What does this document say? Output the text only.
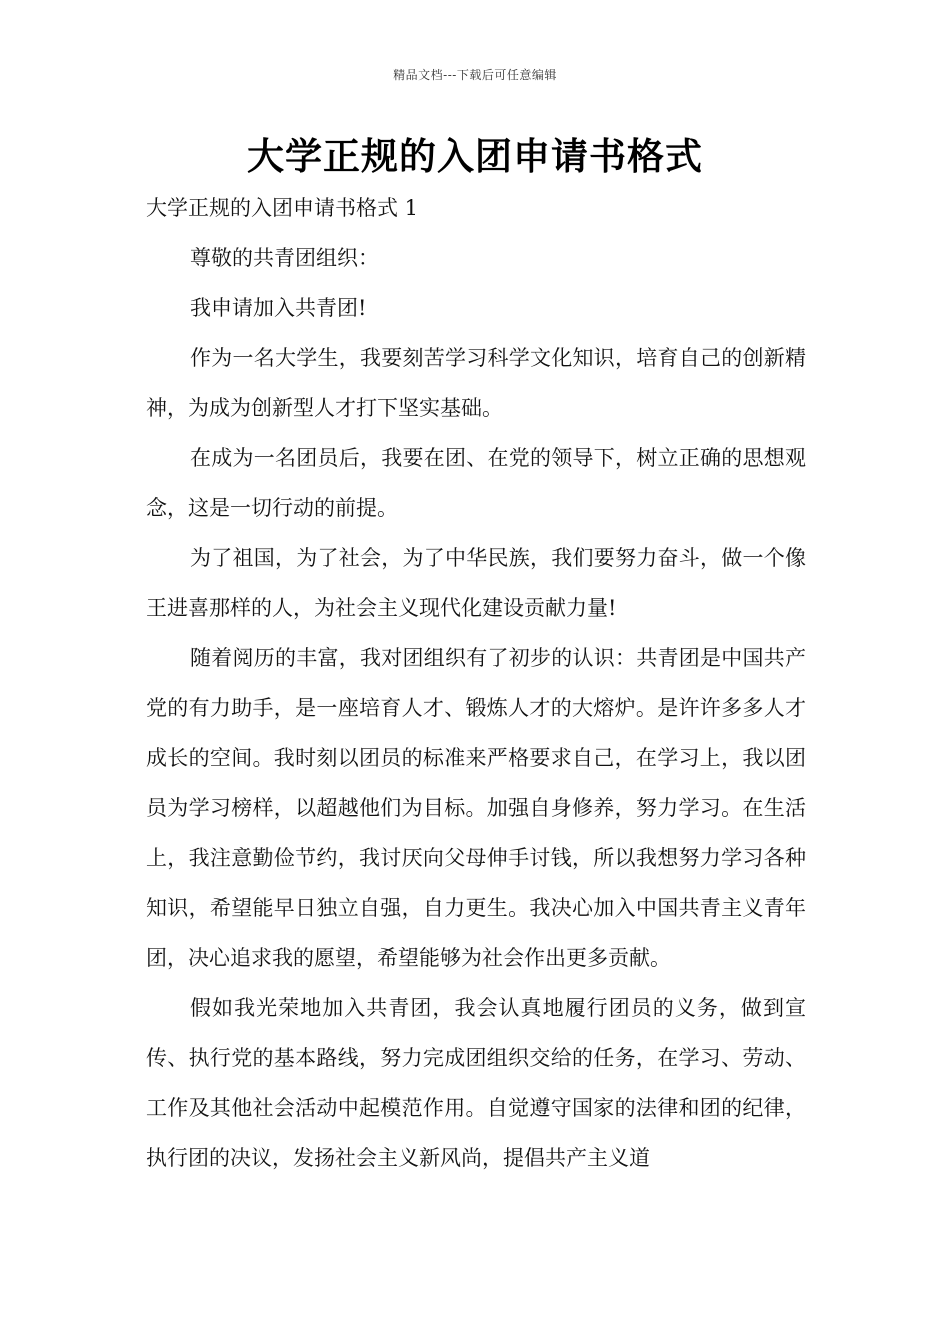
精品文档---下载后可任意编辑
大学正规的入团申请书格式

大学正规的入团申请书格式 1

尊敬的共青团组织：

我申请加入共青团!

作为一名大学生，我要刻苦学习科学文化知识，培育自己的创新精神，为成为创新型人才打下坚实基础。

在成为一名团员后，我要在团、在党的领导下，树立正确的思想观念，这是一切行动的前提。

为了祖国，为了社会，为了中华民族，我们要努力奋斗，做一个像王进喜那样的人，为社会主义现代化建设贡献力量!

随着阅历的丰富，我对团组织有了初步的认识：共青团是中国共产党的有力助手，是一座培育人才、锻炼人才的大熔炉。是许许多多人才成长的空间。我时刻以团员的标准来严格要求自己，在学习上，我以团员为学习榜样，以超越他们为目标。加强自身修养，努力学习。在生活上，我注意勤俭节约，我讨厌向父母伸手讨钱，所以我想努力学习各种知识，希望能早日独立自强，自力更生。我决心加入中国共青主义青年团，决心追求我的愿望，希望能够为社会作出更多贡献。

假如我光荣地加入共青团，我会认真地履行团员的义务，做到宣传、执行党的基本路线，努力完成团组织交给的任务，在学习、劳动、工作及其他社会活动中起模范作用。自觉遵守国家的法律和团的纪律，执行团的决议，发扬社会主义新风尚，提倡共产主义道
